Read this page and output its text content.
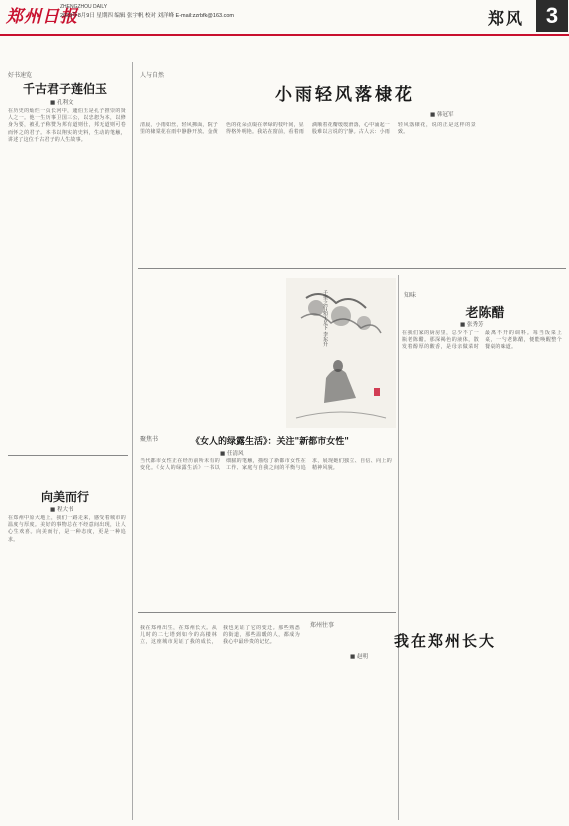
郑州日报
ZHENGZHOU DAILY
2023年8月9日 星期四 编辑 张宇帆 校对 刘洋峰 E-mail:zzrbfk@163.com	郑风 3
好书速览
千古君子莲伯玉
■ 孔利文
在历史的灿烂一页长河中，蘧伯玉是孔子推崇的贤人之一。他一生历事卫国三公，以忠恕为本，以修身为要，被孔子称赞为邦有道则仕，邦无道则可卷而怀之的君子。本书以翔实的史料，生动的笔触，讲述了这位千古君子的人生故事。
向美而行
■ 程大书
在郑州中原大地上，我们一路走来，感受着城市的温度与厚度。美好的事物总在不经意间出现，让人心生欢喜。向美而行，是一种态度，更是一种追求。
人与自然
小雨轻风落棣花
■ 韩冠军
清晨，小雨如丝，轻风拂面，院子里的棣棠花在雨中静静开放。金黄色的花朵点缀在翠绿的枝叶间，显得格外明艳。我站在窗前，看着雨滴顺着花瓣缓缓滑落，心中涌起一股难以言说的宁静。古人云：小雨轻风落棣花，说的正是这样的景致。
千里之行始于足下 李东升	知味
老陈醋
■ 张秀芳
在我们家的厨房里，总少不了一瓶老陈醋。那深褐色的液体，散发着醇厚的酸香，是母亲做菜时最离不开的调料。每当饭菜上桌，一勺老陈醋，便能唤醒整个餐桌的味道。
聚焦书	《女人的绿露生活》：关注"新都市女性"
■ 任清风
当代都市女性正在经历前所未有的变化。《女人的绿露生活》一书以细腻的笔触，描绘了新都市女性在工作、家庭与自我之间的平衡与追求，展现她们独立、自信、向上的精神风貌。
郑州往事
我在郑州长大
■ 赵明
我在郑州出生，在郑州长大。从儿时的二七塔到如今的高楼林立，这座城市见证了我的成长，我也见证了它的变迁。那些熟悉的街道，那些温暖的人，都成为我心中最珍贵的记忆。
